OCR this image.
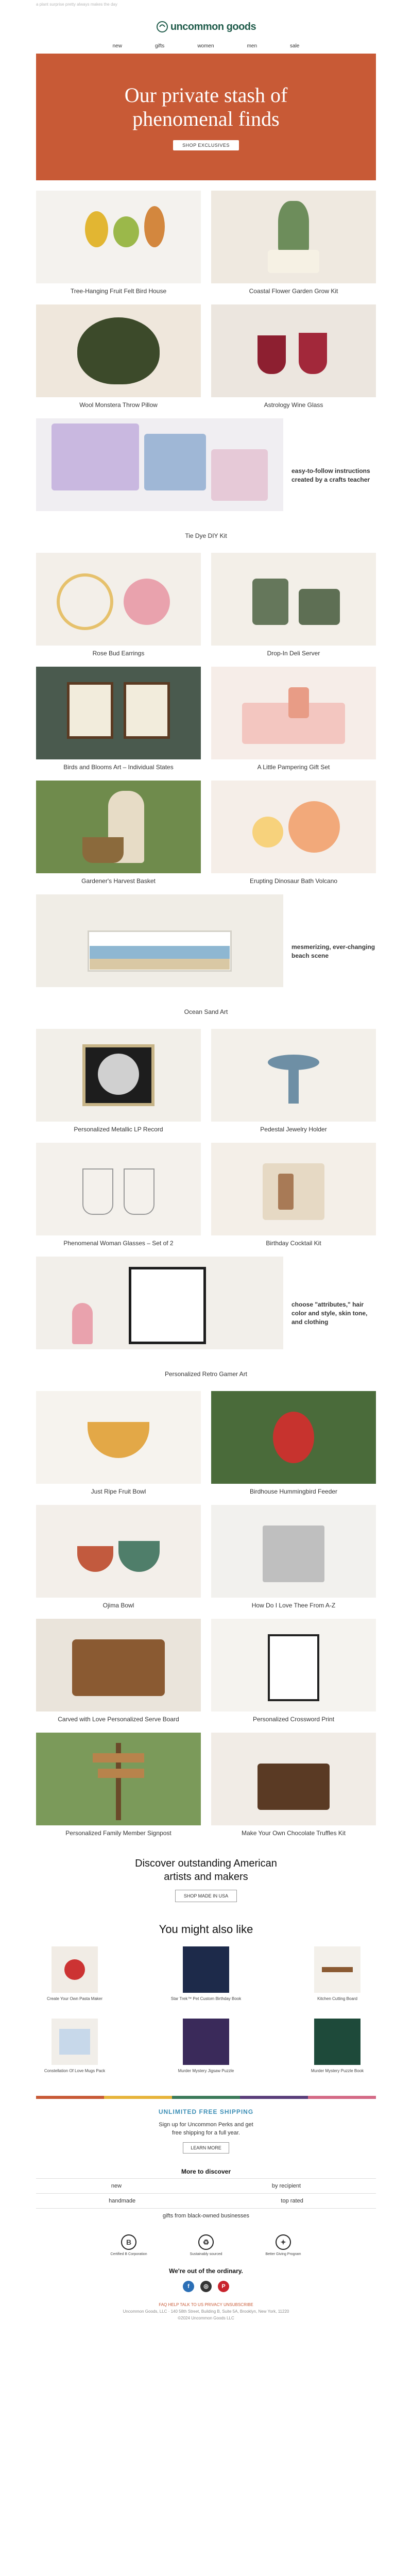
a plant surprise pretty always makes the day
uncommon goods
new	gifts	women	men	sale
Our private stash of
phenomenal finds
SHOP EXCLUSIVES
Tree-Hanging Fruit Felt Bird House	Coastal Flower Garden Grow Kit
Wool Monstera Throw Pillow	Astrology Wine Glass
easy-to-follow instructions created by a crafts teacher
Tie Dye DIY Kit
Rose Bud Earrings	Drop-In Deli Server
Birds and Blooms Art – Individual States	A Little Pampering Gift Set
Gardener's Harvest Basket	Erupting Dinosaur Bath Volcano
mesmerizing, ever-changing beach scene
Ocean Sand Art
Personalized Metallic LP Record	Pedestal Jewelry Holder
Phenomenal Woman Glasses – Set of 2	Birthday Cocktail Kit
choose "attributes," hair color and style, skin tone, and clothing
Personalized Retro Gamer Art
Just Ripe Fruit Bowl	Birdhouse Hummingbird Feeder
Ojima Bowl	How Do I Love Thee From A-Z
Carved with Love Personalized Serve Board	Personalized Crossword Print
Personalized Family Member Signpost	Make Your Own Chocolate Truffles Kit
Discover outstanding American
artists and makers
SHOP MADE IN USA
You might also like
Create Your Own Pasta Maker	Star Trek™ Pet Custom Birthday Book	Kitchen Cutting Board
Constellation Of Love Mugs Pack	Murder Mystery Jigsaw Puzzle	Murder Mystery Puzzle Book
UNLIMITED FREE SHIPPING
Sign up for Uncommon Perks and get
free shipping for a full year.
LEARN MORE
More to discover
new	by recipient
handmade	top rated
gifts from black-owned businesses
B
Certified B Corporation
♻
Sustainably sourced
✦
Better Giving Program
We're out of the ordinary.
f	◎	P
FAQ HELP TALK TO US PRIVACY UNSUBSCRIBE
Uncommon Goods, LLC · 140 58th Street, Building B, Suite 5A, Brooklyn, New York, 11220
©2024 Uncommon Goods LLC
